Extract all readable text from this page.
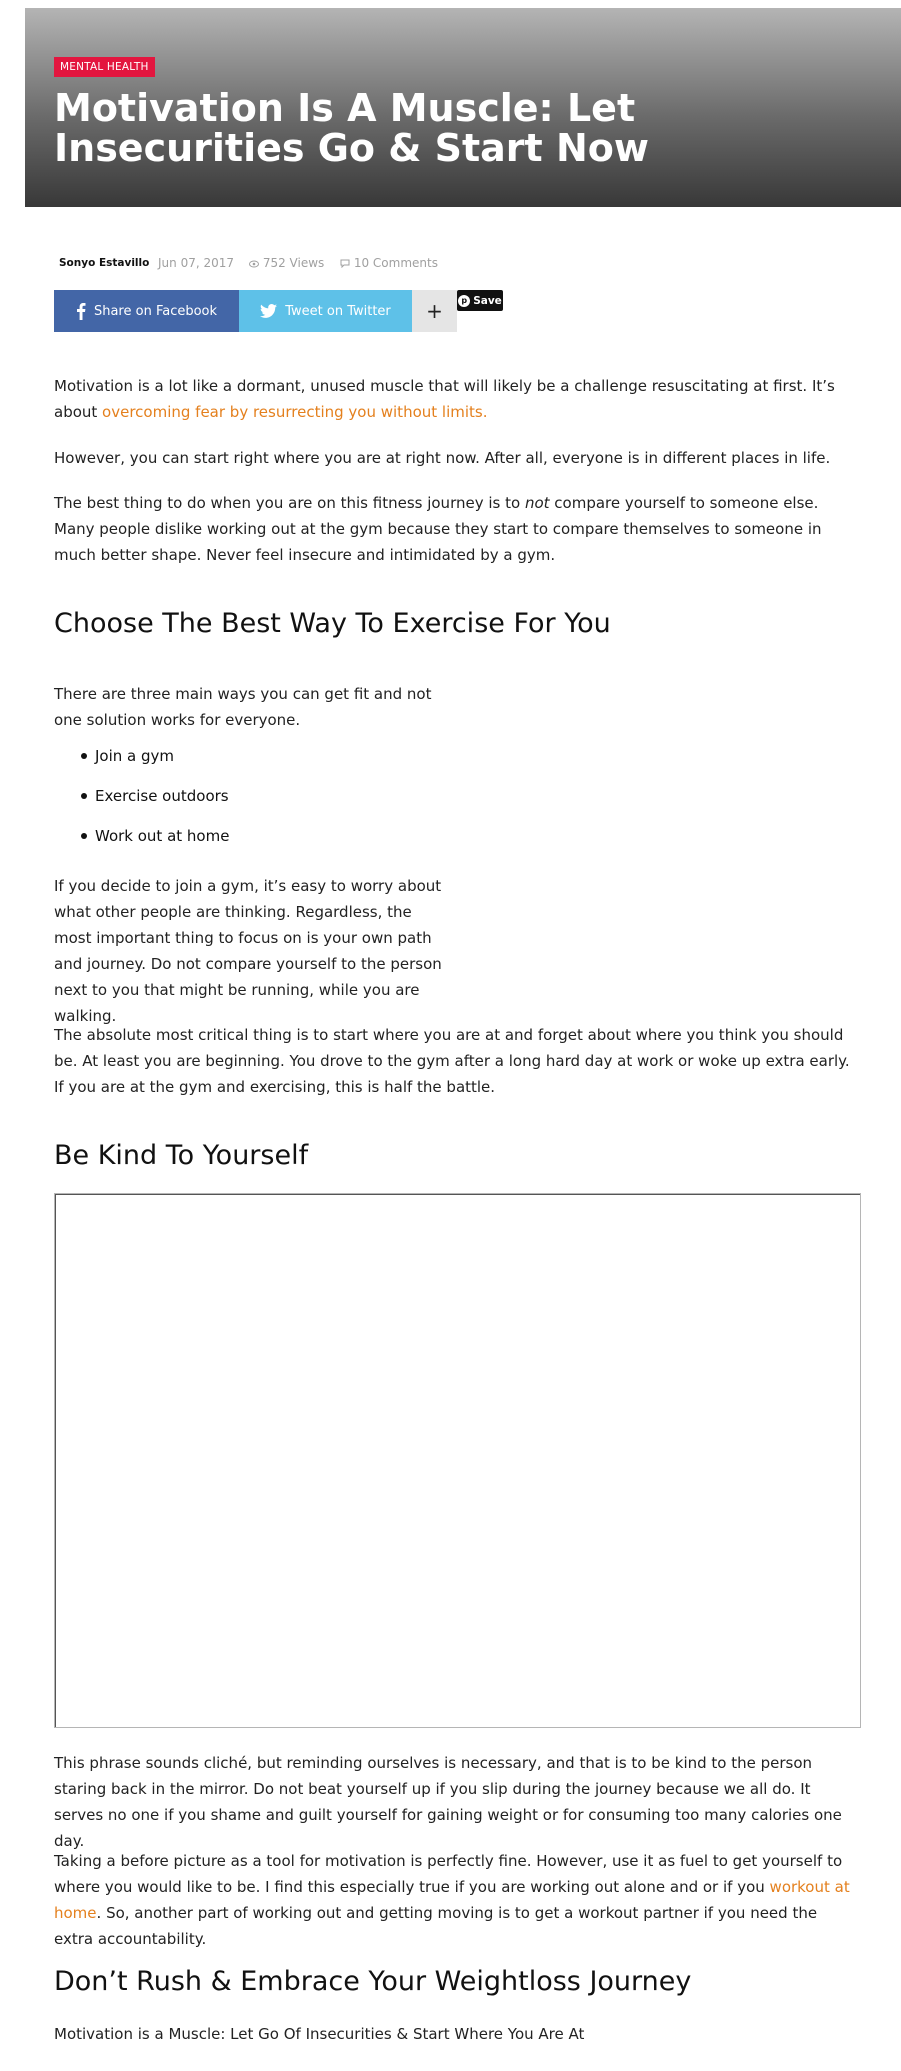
MENTAL HEALTH
Motivation Is A Muscle: Let Insecurities Go & Start Now
Sonyo Estavillo Jun 07, 2017	752 Views	10 Comments
Share on Facebook	Tweet on Twitter +	p Save

Motivation is a lot like a dormant, unused muscle that will likely be a challenge resuscitating at first. It’s about overcoming fear by resurrecting you without limits.

However, you can start right where you are at right now. After all, everyone is in different places in life.

The best thing to do when you are on this fitness journey is to not compare yourself to someone else. Many people dislike working out at the gym because they start to compare themselves to someone in much better shape. Never feel insecure and intimidated by a gym.

Choose The Best Way To Exercise For You

There are three main ways you can get fit and not one solution works for everyone.

Join a gym
Exercise outdoors
Work out at home

If you decide to join a gym, it’s easy to worry about what other people are thinking. Regardless, the most important thing to focus on is your own path and journey. Do not compare yourself to the person next to you that might be running, while you are walking.

The absolute most critical thing is to start where you are at and forget about where you think you should be. At least you are beginning. You drove to the gym after a long hard day at work or woke up extra early. If you are at the gym and exercising, this is half the battle.

Be Kind To Yourself

This phrase sounds cliché, but reminding ourselves is necessary, and that is to be kind to the person staring back in the mirror. Do not beat yourself up if you slip during the journey because we all do. It serves no one if you shame and guilt yourself for gaining weight or for consuming too many calories one day.

Taking a before picture as a tool for motivation is perfectly fine. However, use it as fuel to get yourself to where you would like to be. I find this especially true if you are working out alone and or if you workout at home. So, another part of working out and getting moving is to get a workout partner if you need the extra accountability.

Don’t Rush & Embrace Your Weightloss Journey

Motivation is a Muscle: Let Go Of Insecurities & Start Where You Are At
